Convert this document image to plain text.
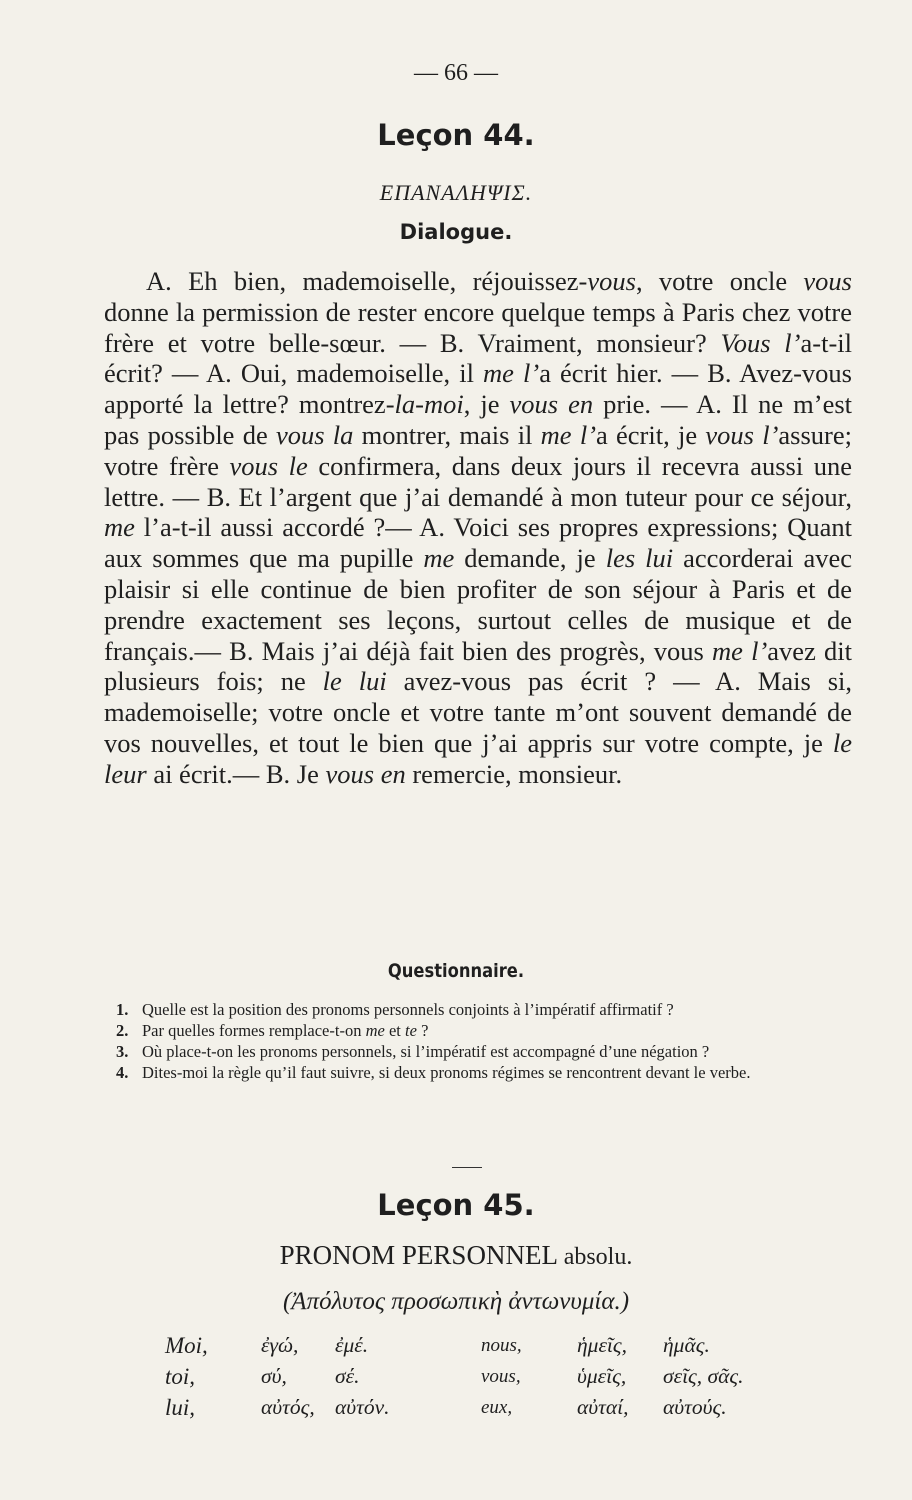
— 66 —
Leçon 44.
ΕΠΑΝΑΛΗΨΙΣ.
Dialogue.

A. Eh bien, mademoiselle, réjouissez-vous, votre oncle vous donne la permission de rester encore quelque temps à Paris chez votre frère et votre belle-sœur. — B. Vraiment, monsieur? Vous l’a-t-il écrit? — A. Oui, mademoiselle, il me l’a écrit hier. — B. Avez-vous apporté la lettre? montrez-la-moi, je vous en prie. — A. Il ne m’est pas possible de vous la montrer, mais il me l’a écrit, je vous l’assure; votre frère vous le confirmera, dans deux jours il recevra aussi une lettre. — B. Et l’argent que j’ai demandé à mon tuteur pour ce séjour, me l’a-t-il aussi accordé ?— A. Voici ses propres expressions; Quant aux sommes que ma pupille me demande, je les lui accorderai avec plaisir si elle continue de bien profiter de son séjour à Paris et de prendre exactement ses leçons, surtout celles de musique et de français.— B. Mais j’ai déjà fait bien des progrès, vous me l’avez dit plusieurs fois; ne le lui avez-vous pas écrit ? — A. Mais si, mademoiselle; votre oncle et votre tante m’ont souvent demandé de vos nouvelles, et tout le bien que j’ai appris sur votre compte, je le leur ai écrit.— B. Je vous en remercie, monsieur.

Questionnaire.
1. Quelle est la position des pronoms personnels conjoints à l’impératif affirmatif ?
2. Par quelles formes remplace-t-on me et te ?
3. Où place-t-on les pronoms personnels, si l’impératif est accompagné d’une négation ?
4. Dites-moi la règle qu’il faut suivre, si deux pronoms régimes se rencontrent devant le verbe.
Leçon 45.
PRONOM PERSONNEL absolu.
(Ἀπόλυτος προσωπικὴ ἀντωνυμία.)
Moi,	ἐγώ,	ἐμέ.	nous,	ἡμεῖς,	ἡμᾶς.
toi,	σύ,	σέ.	vous,	ὑμεῖς,	σεῖς, σᾶς.
lui,	αὐτός,	αὐτόν.	eux,	αὐταί,	αὐτούς.
